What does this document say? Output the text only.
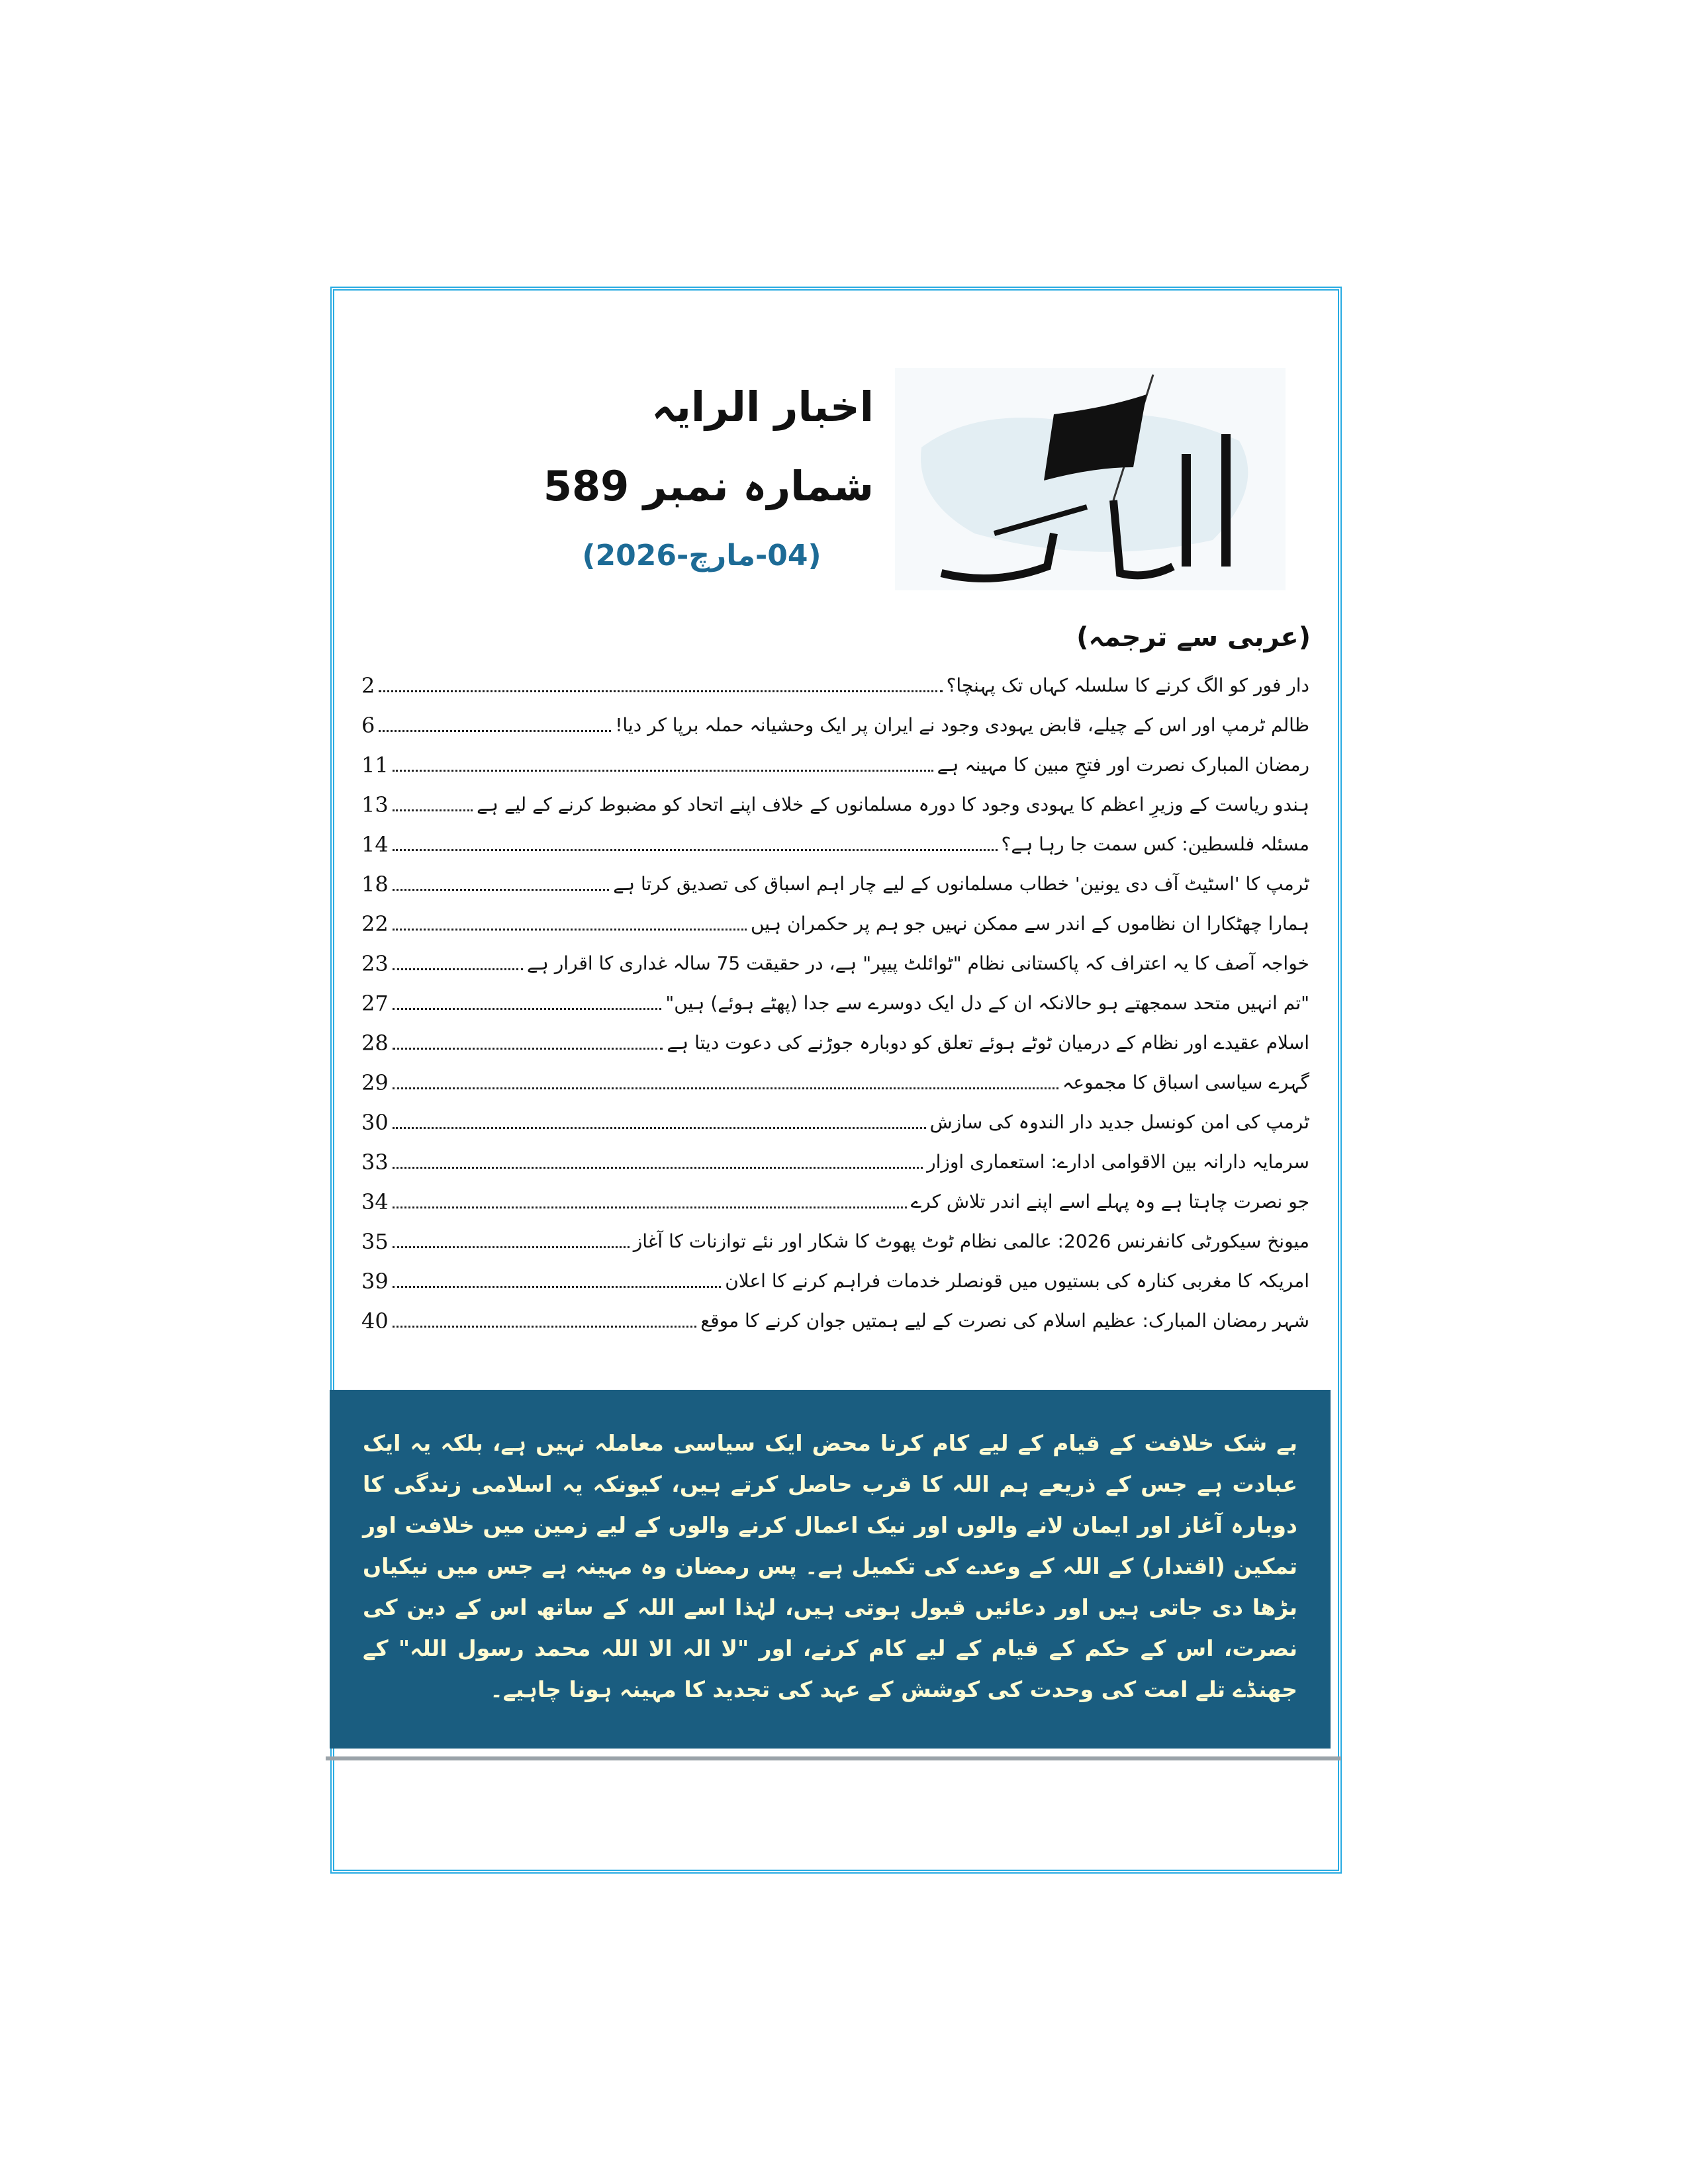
اخبار الرایہ
شمارہ نمبر 589
(04-مارچ-2026)
(عربی سے ترجمہ)
دار فور کو الگ کرنے کا سلسلہ کہاں تک پہنچا؟
2
ظالم ٹرمپ اور اس کے چیلے، قابض یہودی وجود نے ایران پر ایک وحشیانہ حملہ برپا کر دیا!
6
رمضان المبارک نصرت اور فتحِ مبین کا مہینہ ہے
11
ہندو ریاست کے وزیرِ اعظم کا یہودی وجود کا دورہ مسلمانوں کے خلاف اپنے اتحاد کو مضبوط کرنے کے لیے ہے
13
مسئلہ فلسطین: کس سمت جا رہا ہے؟
14
ٹرمپ کا 'اسٹیٹ آف دی یونین' خطاب مسلمانوں کے لیے چار اہم اسباق کی تصدیق کرتا ہے
18
ہمارا چھٹکارا ان نظاموں کے اندر سے ممکن نہیں جو ہم پر حکمران ہیں
22
خواجہ آصف کا یہ اعتراف کہ پاکستانی نظام "ٹوائلٹ پیپر" ہے، در حقیقت 75 سالہ غداری کا اقرار ہے
23
"تم انہیں متحد سمجھتے ہو حالانکہ ان کے دل ایک دوسرے سے جدا (پھٹے ہوئے) ہیں"
27
اسلام عقیدے اور نظام کے درمیان ٹوٹے ہوئے تعلق کو دوبارہ جوڑنے کی دعوت دیتا ہے
28
گہرے سیاسی اسباق کا مجموعہ
29
ٹرمپ کی امن کونسل جدید دار الندوہ کی سازش
30
سرمایہ دارانہ بین الاقوامی ادارے: استعماری اوزار
33
جو نصرت چاہتا ہے وہ پہلے اسے اپنے اندر تلاش کرے
34
میونخ سیکورٹی کانفرنس 2026: عالمی نظام ٹوٹ پھوٹ کا شکار اور نئے توازنات کا آغاز
35
امریکہ کا مغربی کنارہ کی بستیوں میں قونصلر خدمات فراہم کرنے کا اعلان
39
شہر رمضان المبارک: عظیم اسلام کی نصرت کے لیے ہمتیں جوان کرنے کا موقع
40

بے شک خلافت کے قیام کے لیے کام کرنا محض ایک سیاسی معاملہ نہیں ہے، بلکہ یہ ایک عبادت ہے جس کے ذریعے ہم اللہ کا قرب حاصل کرتے ہیں، کیونکہ یہ اسلامی زندگی کا دوبارہ آغاز اور ایمان لانے والوں اور نیک اعمال کرنے والوں کے لیے زمین میں خلافت اور تمکین (اقتدار) کے اللہ کے وعدے کی تکمیل ہے۔ پس رمضان وہ مہینہ ہے جس میں نیکیاں بڑھا دی جاتی ہیں اور دعائیں قبول ہوتی ہیں، لہٰذا اسے اللہ کے ساتھ اس کے دین کی نصرت، اس کے حکم کے قیام کے لیے کام کرنے، اور "لا الہ الا اللہ محمد رسول اللہ" کے جھنڈے تلے امت کی وحدت کی کوشش کے عہد کی تجدید کا مہینہ ہونا چاہیے۔
